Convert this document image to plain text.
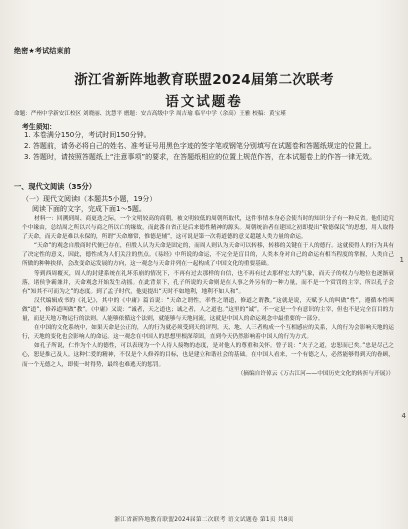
绝密★考试结束前
浙江省新阵地教育联盟2024届第二次联考
语文试题卷
命题：严州中学新安江校区 刘晓丽、沈慧平 磨题：安吉高级中学 周吉瑜 临平中学（余高）王雅 校稿：黄宝瑾
考生须知：
1. 本卷满分150分，考试时间150分钟。
2. 答题前，请务必将自己的姓名、准考证号用黑色字迹的签字笔或钢笔分别填写在试题卷和答题纸规定的位置上。
3. 答题时，请按照答题纸上“注意事项”的要求，在答题纸相应的位置上规范作答，在本试题卷上的作答一律无效。
一、现代文阅读（35分）
（一）现代文阅读Ⅰ（本题共5小题，19分）
阅读下面的文字，完成下面1～5题。

材料一：回溯到周、商更迭之际，一个文明较高的商朝，被文明较低的周朝所取代，这件事情本身必会使当时的知识分子有一种反省。他们追究个中缘由，总结周之所以兴与商之所以亡的缘故，而此番自省正是后来德性精神的源头。周朝统治者在建国之初即提出“敬德保民”的思想，用人取得了天命，而天命是难以永保的，所谓“天命靡常，惟德是辅”，这可说是第一次将道德的意义超越人类力量的命运。

“天命”的观念自殷商时代便已存在，但殷人认为天命是固定的，而周人则认为天命可以转移，转移的关键在于人的德行。这就使得人的行为具有了决定性的意义，因此，德性成为人们关注的焦点。《易经》中所说的命运，不完全是盲目的，人类本身对自己的命运有相当程度的掌握，人类自己所做的种种抉择，会改变命运发展的方向，这一观念与天命并列在一起构成了中国文化的重要基础。

等到西周覆灭，周人的封建系统在礼坏乐崩的情况下，不再有过去那样的自信，也不再有过去那样宏大的气象，而天子的权力与地位也逐渐衰落，诸侯争霸兼并，天命观念开始发生动摇。在此背景下，孔子所说的天命则是在人事之外另有的一种力量，而不是一个赏罚的主宰，所以孔子会有“知其不可而为之”的态度。到了孟子时代，他更提出“天时不如地利，地利不如人和”。

汉代编辑成书的《礼记》，其中的《中庸》篇首说：“天命之谓性，率性之谓道，修道之谓教。”这就是说，天赋予人的叫做“性”，遵循本性叫做“道”，修养道叫做“教”。《中庸》又说：“诚者，天之道也；诚之者，人之道也。”这里的“诚”，不一定是一个有意识的主宰，但也不是完全盲目的力量，而是天地万物运行的法则。人能够依循这个法则，就能够与天地同流，这就是中国人的命运观念中最重要的一部分。

在中国的文化系统中，如果天命是公正的，人的行为就必须受到天的评判。天、地、人三者构成一个互相感应的关系，人的行为会影响天地的运行，天地的变化也会影响人的命运。这一观念在中国人的思想里根深蒂固，直到今天仍然影响着中国人的行为方式。

如孔子所说，仁作为个人的德性，可以表现为一个人待人接物的态度，是对他人的尊重和关怀。曾子说：“夫子之道，忠恕而已矣。”忠是尽己之心，恕是推己及人。这种仁爱的精神，不仅是个人修养的目标，也是建立和谐社会的基础。在中国人看来，一个有德之人，必然能够得到天的眷顾，而一个无德之人，即使一时得势，最终也难逃天的惩罚。

（摘编自许倬云《万古江河——中国历史文化的转折与开展》）

1
4
浙江省新阵地教育联盟2024届第二次联考 语文试题卷 第1页 共8页
